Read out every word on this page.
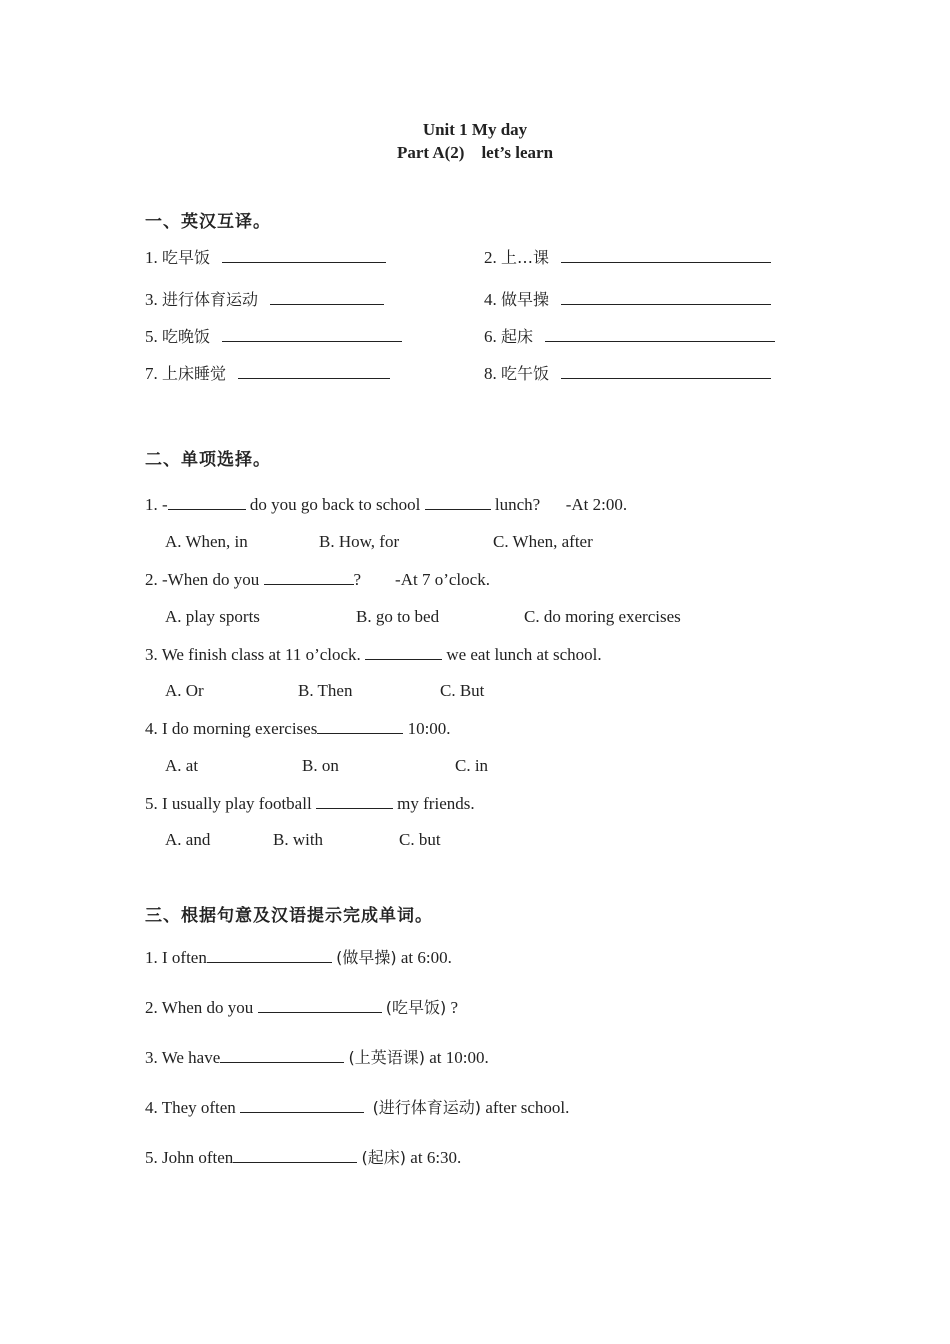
Unit 1 My day
Part A(2)    let’s learn
一、英汉互译。
1. 吃早饭	2. 上…课
3. 进行体育运动	4. 做早操
5. 吃晚饭	6. 起床
7. 上床睡觉	8. 吃午饭
二、单项选择。
1. -	do you go back to school	lunch?      -At 2:00.
A. When, in	B. How, for	C. When, after
2. -When do you	?        -At 7 o’clock.
A. play sports	B. go to bed	C. do moring exercises
3. We finish class at 11 o’clock.	we eat lunch at school.
A. Or	B. Then	C. But
4. I do morning exercises	10:00.
A. at	B. on	C. in
5. I usually play football	my friends.
A. and	B. with	C. but
三、根据句意及汉语提示完成单词。
1. I often	(做早操) at 6:00.
2. When do you	(吃早饭) ?
3. We have	(上英语课) at 10:00.
4. They often	(进行体育运动) after school.
5. John often	(起床) at 6:30.
